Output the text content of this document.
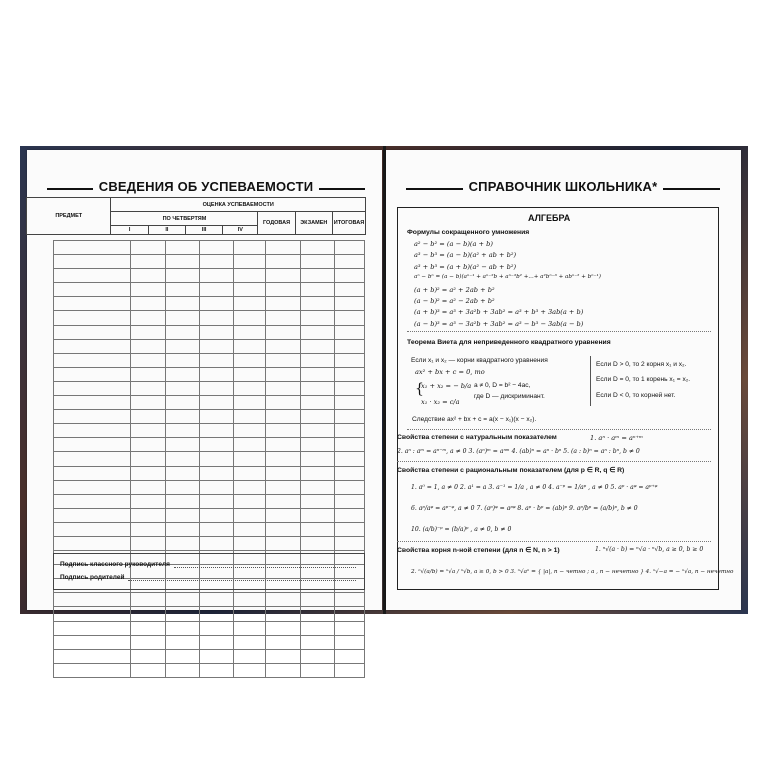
СВЕДЕНИЯ ОБ УСПЕВАЕМОСТИ
ПРЕДМЕТ	ОЦЕНКА УСПЕВАЕМОСТИ						
	ПО ЧЕТВЕРТЯМ				ГОДОВАЯ	ЭКЗАМЕН	ИТОГОВАЯ
	I	II	III	IV			

Подпись классного руководителя
Подпись родителей
СПРАВОЧНИК ШКОЛЬНИКА*
АЛГЕБРА
Формулы сокращенного умножения
a² − b² = (a − b)(a + b)
a³ − b³ = (a − b)(a² + ab + b²)
a³ + b³ = (a + b)(a² − ab + b²)
aⁿ − bⁿ = (a − b)(aⁿ⁻¹ + aⁿ⁻²b + aⁿ⁻³b² +...+ a²bⁿ⁻³ + abⁿ⁻² + bⁿ⁻¹)
(a + b)² = a² + 2ab + b²
(a − b)² = a² − 2ab + b²
(a + b)³ = a³ + 3a²b + 3ab² = a³ + b³ + 3ab(a + b)
(a − b)³ = a³ − 3a²b + 3ab² = a³ − b³ − 3ab(a − b)
Теорема Виета для неприведенного квадратного уравнения
Если x₁ и x₂ — корни квадратного уравнения
ax² + bx + c = 0, то
{
x₁ + x₂ = − b/a
x₁ · x₂ = c/a
a ≠ 0, D = b² − 4ac,
где D — дискриминант.
Следствие ax² + bx + c = a(x − x₁)(x − x₂).
Если D > 0, то 2 корня x₁ и x₂.
Если D = 0, то 1 корень x₁ = x₂.
Если D < 0, то корней нет.
Свойства степени с натуральным показателем	1. aⁿ · aᵐ = aⁿ⁺ᵐ
2. aⁿ : aᵐ = aⁿ⁻ᵐ, a ≠ 0 3. (aⁿ)ᵐ = aⁿᵐ 4. (ab)ⁿ = aⁿ · bⁿ 5. (a : b)ⁿ = aⁿ : bⁿ, b ≠ 0
Свойства степени с рациональным показателем (для p ∈ R, q ∈ R)
1. a⁰ = 1, a ≠ 0 2. a¹ = a 3. a⁻¹ = 1/a , a ≠ 0 4. a⁻ᵖ = 1/aᵖ , a ≠ 0 5. aᵖ · aᵠ = aᵖ⁺ᵠ
6. aᵖ/aᵠ = aᵖ⁻ᵠ, a ≠ 0 7. (aᵖ)ᵠ = aᵖᵠ 8. aᵖ · bᵖ = (ab)ᵖ 9. aᵖ/bᵖ = (a/b)ᵖ, b ≠ 0
10. (a/b)⁻ᵖ = (b/a)ᵖ , a ≠ 0, b ≠ 0
Свойства корня n-ной степени (для n ∈ N, n > 1)	1. ⁿ√(a · b) = ⁿ√a · ⁿ√b, a ≥ 0, b ≥ 0
2. ⁿ√(a/b) = ⁿ√a / ⁿ√b, a ≥ 0, b > 0 3. ⁿ√aⁿ = { |a|, n − четно ; a , n − нечетно } 4. ⁿ√−a = − ⁿ√a, n − нечетно
